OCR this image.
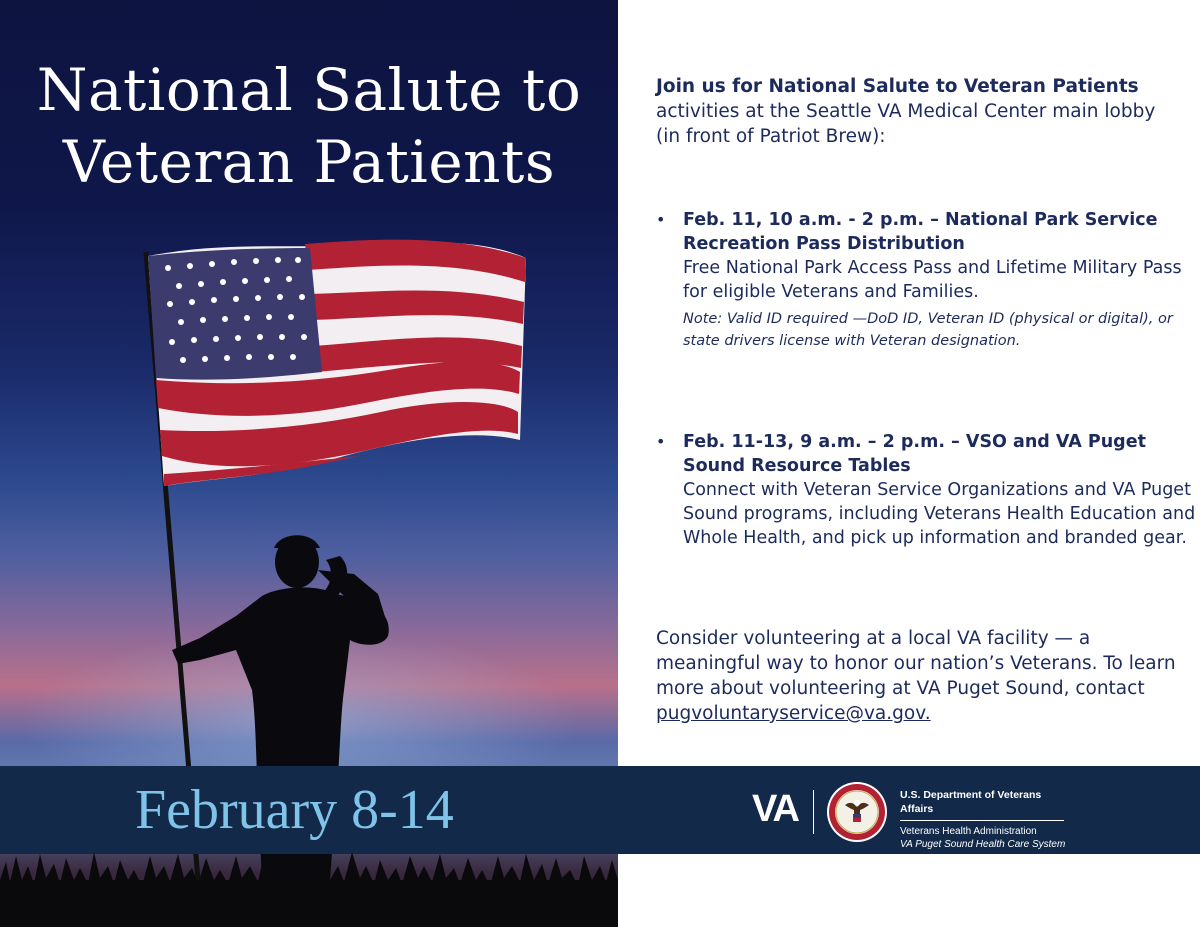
National Salute to
Veteran Patients
February 8-14	VA	U.S. Department of Veterans Affairs
Veterans Health Administration
VA Puget Sound Health Care System

Join us for National Salute to Veteran Patients activities at the Seattle VA Medical Center main lobby (in front of Patriot Brew):

• Feb. 11, 10 a.m. - 2 p.m. – National Park Service Recreation Pass Distribution

Free National Park Access Pass and Lifetime Military Pass for eligible Veterans and Families.

Note: Valid ID required —DoD ID, Veteran ID (physical or digital), or state drivers license with Veteran designation.

• Feb. 11-13, 9 a.m. – 2 p.m. – VSO and VA Puget Sound Resource Tables

Connect with Veteran Service Organizations and VA Puget Sound programs, including Veterans Health Education and Whole Health, and pick up information and branded gear.

Consider volunteering at a local VA facility — a meaningful way to honor our nation’s Veterans. To learn more about volunteering at VA Puget Sound, contact pugvoluntaryservice@va.gov.
